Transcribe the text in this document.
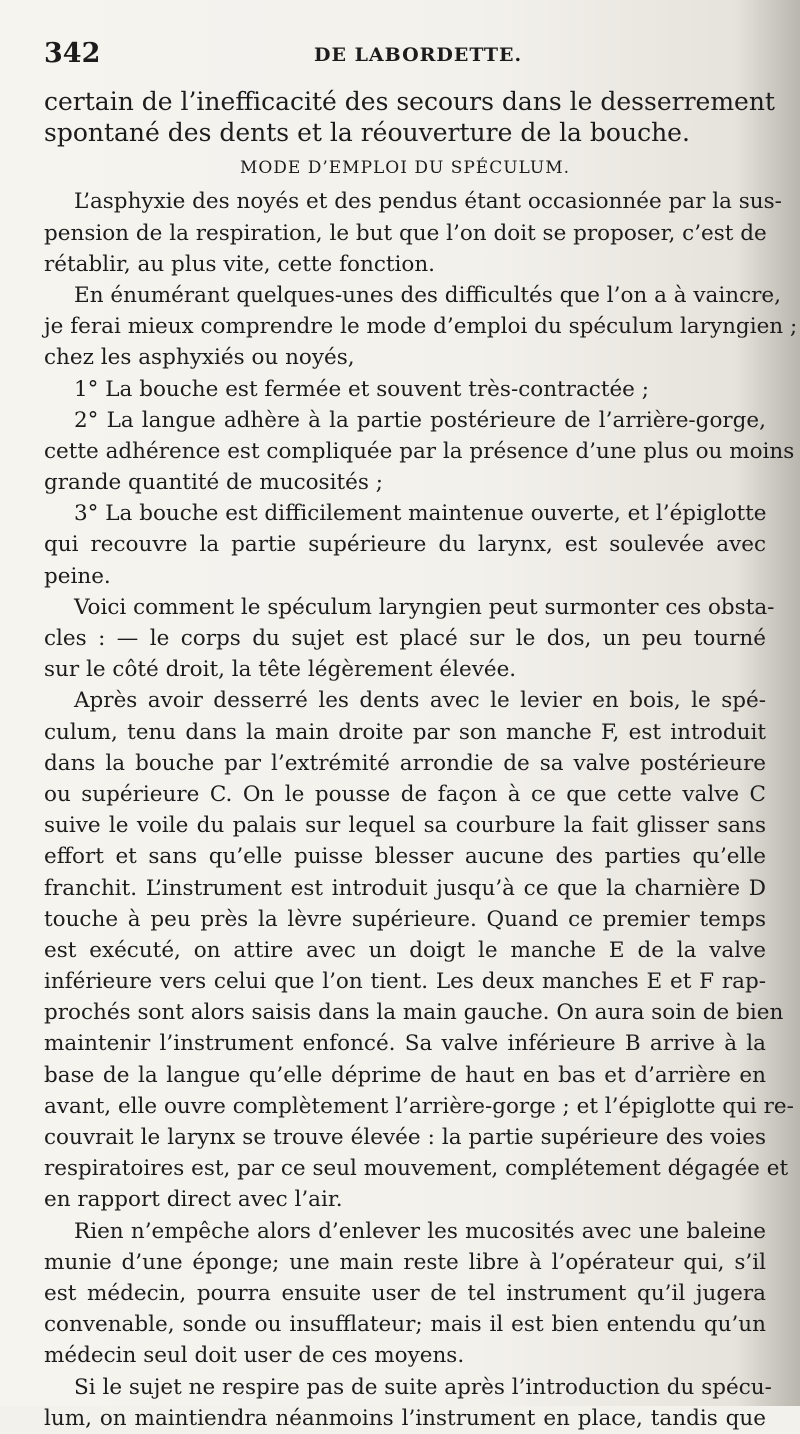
342	DE LABORDETTE.
certain de l’inefficacité des secours dans le desserrement
spontané des dents et la réouverture de la bouche.
MODE D’EMPLOI DU SPÉCULUM.
L’asphyxie des noyés et des pendus étant occasionnée par la sus-
pension de la respiration, le but que l’on doit se proposer, c’est de
rétablir, au plus vite, cette fonction.
En énumérant quelques-unes des difficultés que l’on a à vaincre,
je ferai mieux comprendre le mode d’emploi du spéculum laryngien ;
chez les asphyxiés ou noyés,
1° La bouche est fermée et souvent très-contractée ;
2° La langue adhère à la partie postérieure de l’arrière-gorge,
cette adhérence est compliquée par la présence d’une plus ou moins
grande quantité de mucosités ;
3° La bouche est difficilement maintenue ouverte, et l’épiglotte
qui recouvre la partie supérieure du larynx, est soulevée avec
peine.
Voici comment le spéculum laryngien peut surmonter ces obsta-
cles : — le corps du sujet est placé sur le dos, un peu tourné
sur le côté droit, la tête légèrement élevée.
Après avoir desserré les dents avec le levier en bois, le spé-
culum, tenu dans la main droite par son manche F, est introduit
dans la bouche par l’extrémité arrondie de sa valve postérieure
ou supérieure C. On le pousse de façon à ce que cette valve C
suive le voile du palais sur lequel sa courbure la fait glisser sans
effort et sans qu’elle puisse blesser aucune des parties qu’elle
franchit. L’instrument est introduit jusqu’à ce que la charnière D
touche à peu près la lèvre supérieure. Quand ce premier temps
est exécuté, on attire avec un doigt le manche E de la valve
inférieure vers celui que l’on tient. Les deux manches E et F rap-
prochés sont alors saisis dans la main gauche. On aura soin de bien
maintenir l’instrument enfoncé. Sa valve inférieure B arrive à la
base de la langue qu’elle déprime de haut en bas et d’arrière en
avant, elle ouvre complètement l’arrière-gorge ; et l’épiglotte qui re-
couvrait le larynx se trouve élevée : la partie supérieure des voies
respiratoires est, par ce seul mouvement, complétement dégagée et
en rapport direct avec l’air.
Rien n’empêche alors d’enlever les mucosités avec une baleine
munie d’une éponge; une main reste libre à l’opérateur qui, s’il
est médecin, pourra ensuite user de tel instrument qu’il jugera
convenable, sonde ou insufflateur; mais il est bien entendu qu’un
médecin seul doit user de ces moyens.
Si le sujet ne respire pas de suite après l’introduction du spécu-
lum, on maintiendra néanmoins l’instrument en place, tandis que
